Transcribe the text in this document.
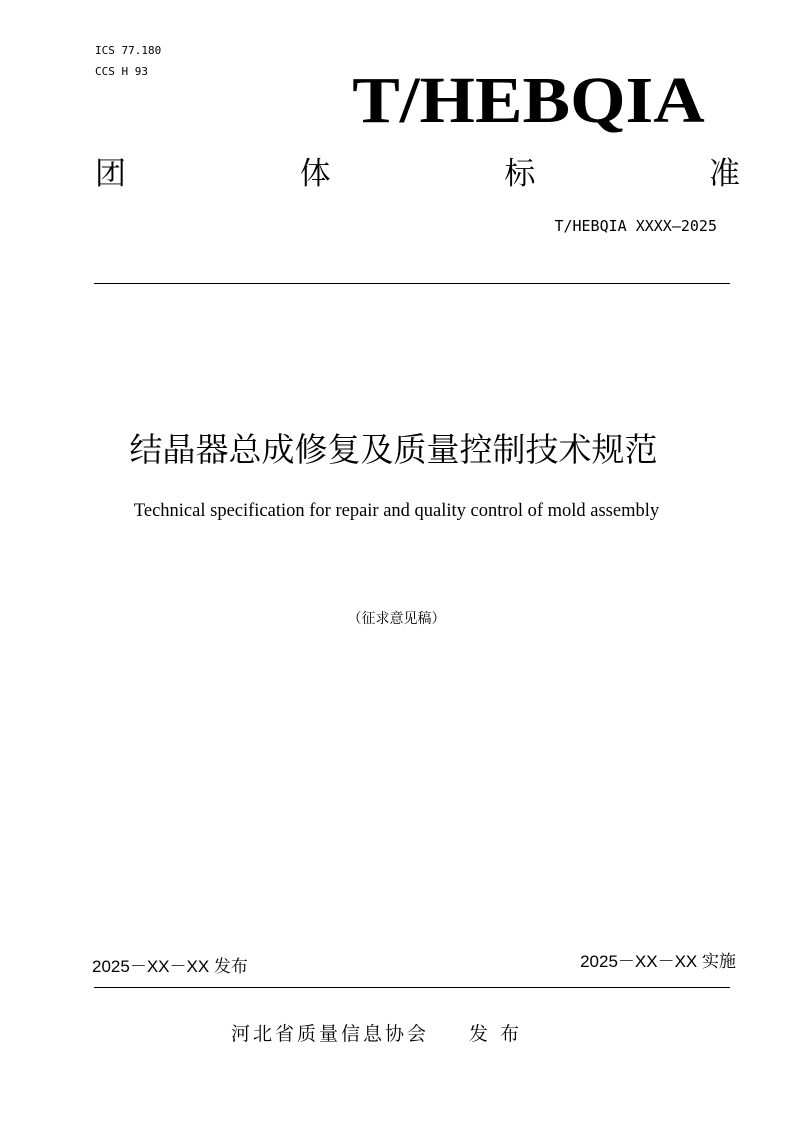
ICS 77.180
CCS H 93	T/HEBQIA
团	体	标	准
T/HEBQIA XXXX—2025
结晶器总成修复及质量控制技术规范
Technical specification for repair and quality control of mold assembly
（征求意见稿）
2025－XX－XX 发布	2025－XX－XX 实施
河北省质量信息协会 发 布
